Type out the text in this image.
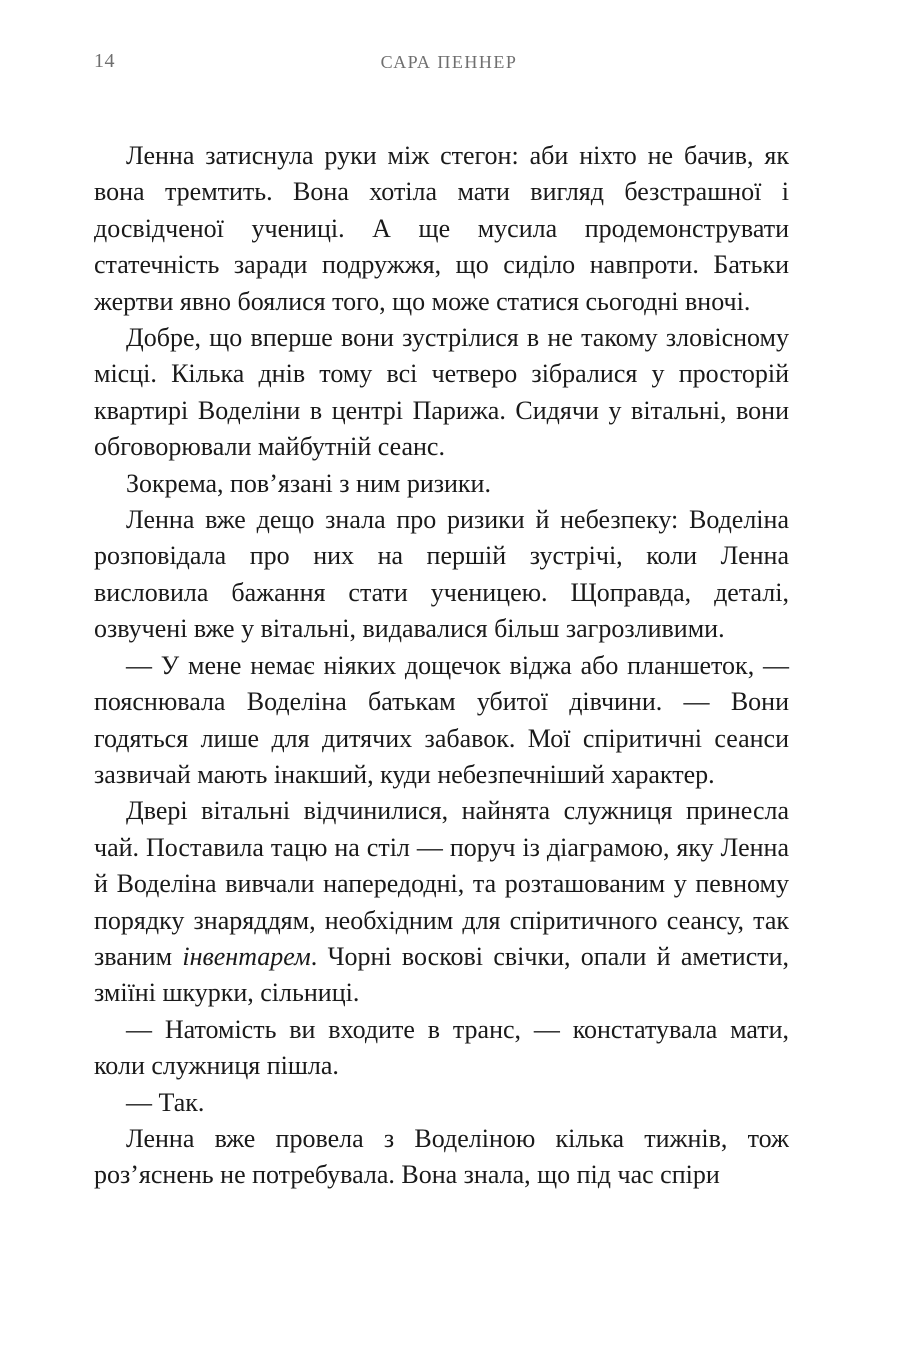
14	САРА ПЕННЕР

Ленна затиснула руки між стегон: аби ніхто не бачив, як вона тремтить. Вона хотіла мати вигляд безстрашної і досвідченої учениці. А ще мусила продемонструвати статечність заради подружжя, що сиділо навпроти. Батьки жертви явно боялися того, що може статися сьогодні вночі.

Добре, що вперше вони зустрілися в не такому зловісному місці. Кілька днів тому всі четверо зібралися у просторій квартирі Воделіни в центрі Парижа. Сидячи у вітальні, вони обговорювали майбутній сеанс.

Зокрема, пов’язані з ним ризики.

Ленна вже дещо знала про ризики й небезпеку: Воделіна розповідала про них на першій зустрічі, коли Ленна висловила бажання стати ученицею. Щоправда, деталі, озвучені вже у вітальні, видавалися більш загрозливими.

— У мене немає ніяких дощечок віджа або планшеток, — пояснювала Воделіна батькам убитої дівчини. — Вони годяться лише для дитячих забавок. Мої спіритичні сеанси зазвичай мають інакший, куди небезпечніший характер.

Двері вітальні відчинилися, найнята служниця принесла чай. Поставила тацю на стіл — поруч із діаграмою, яку Ленна й Воделіна вивчали напередодні, та розташованим у певному порядку знаряддям, необхідним для спіритичного сеансу, так званим інвентарем. Чорні воскові свічки, опали й аметисти, зміїні шкурки, сільниці.

— Натомість ви входите в транс, — констатувала мати, коли служниця пішла.

— Так.

Ленна вже провела з Воделіною кілька тижнів, тож роз’яснень не потребувала. Вона знала, що під час спіри
